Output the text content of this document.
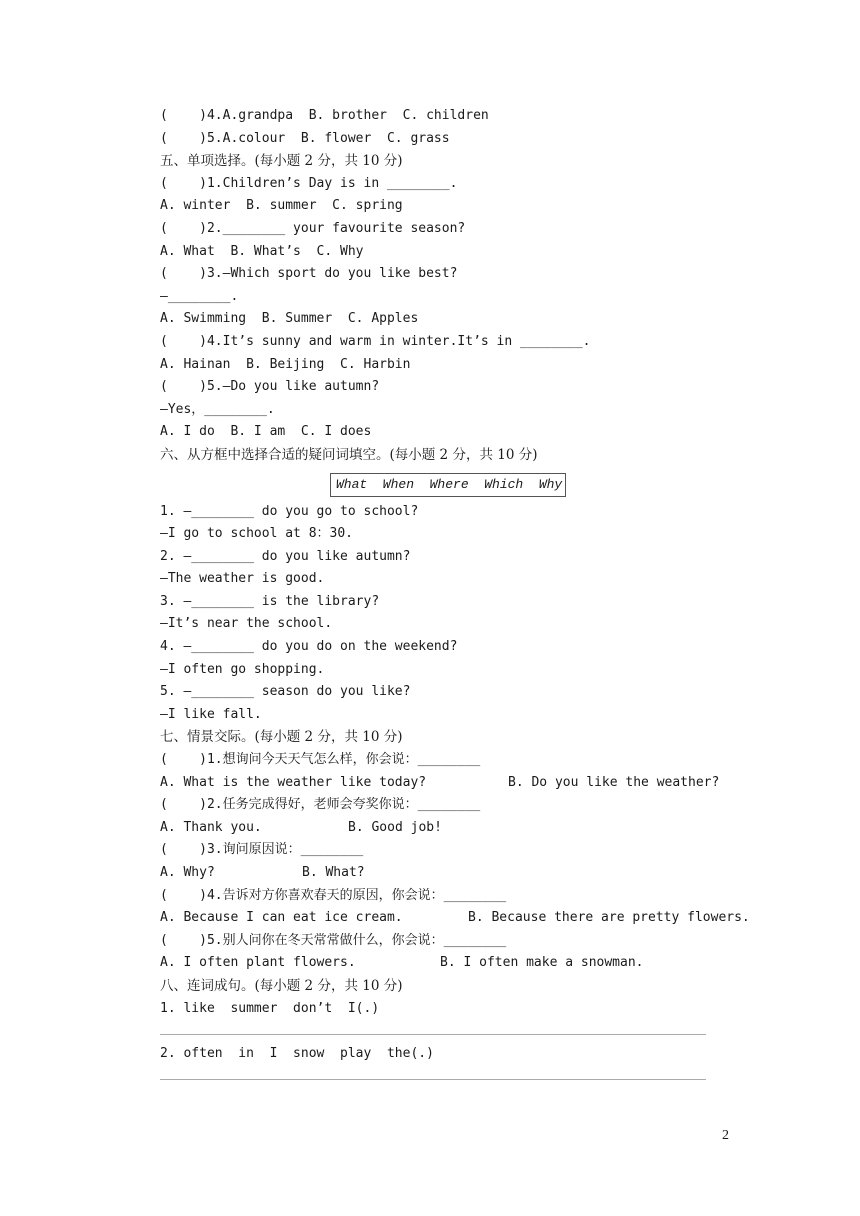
(    )4.A.grandpa  B. brother  C. children
(    )5.A.colour  B. flower  C. grass
五、单项选择。(每小题 2 分，共 10 分)
(    )1.Children’s Day is in ________.
A. winter  B. summer  C. spring
(    )2.________ your favourite season?
A. What  B. What’s  C. Why
(    )3.—Which sport do you like best?
—________.
A. Swimming  B. Summer  C. Apples
(    )4.It’s sunny and warm in winter.It’s in ________.
A. Hainan  B. Beijing  C. Harbin
(    )5.—Do you like autumn?
—Yes，________.
A. I do  B. I am  C. I does
六、从方框中选择合适的疑问词填空。(每小题 2 分，共 10 分)
What  When  Where  Which  Why
1. —________ do you go to school?
—I go to school at 8：30.
2. —________ do you like autumn?
—The weather is good.
3. —________ is the library?
—It’s near the school.
4. —________ do you do on the weekend?
—I often go shopping.
5. —________ season do you like?
—I like fall.
七、情景交际。(每小题 2 分，共 10 分)
(    )1.想询问今天天气怎么样，你会说：________
A. What is the weather like today?	B. Do you like the weather?
(    )2.任务完成得好，老师会夸奖你说：________
A. Thank you.	B. Good job!
(    )3.询问原因说：________
A. Why?	B. What?
(    )4.告诉对方你喜欢春天的原因，你会说：________
A. Because I can eat ice cream.	B. Because there are pretty flowers.
(    )5.别人问你在冬天常常做什么，你会说：________
A. I often plant flowers.	B. I often make a snowman.
八、连词成句。(每小题 2 分，共 10 分)
1. like  summer  don’t  I(.)
2. often  in  I  snow  play  the(.)
2
